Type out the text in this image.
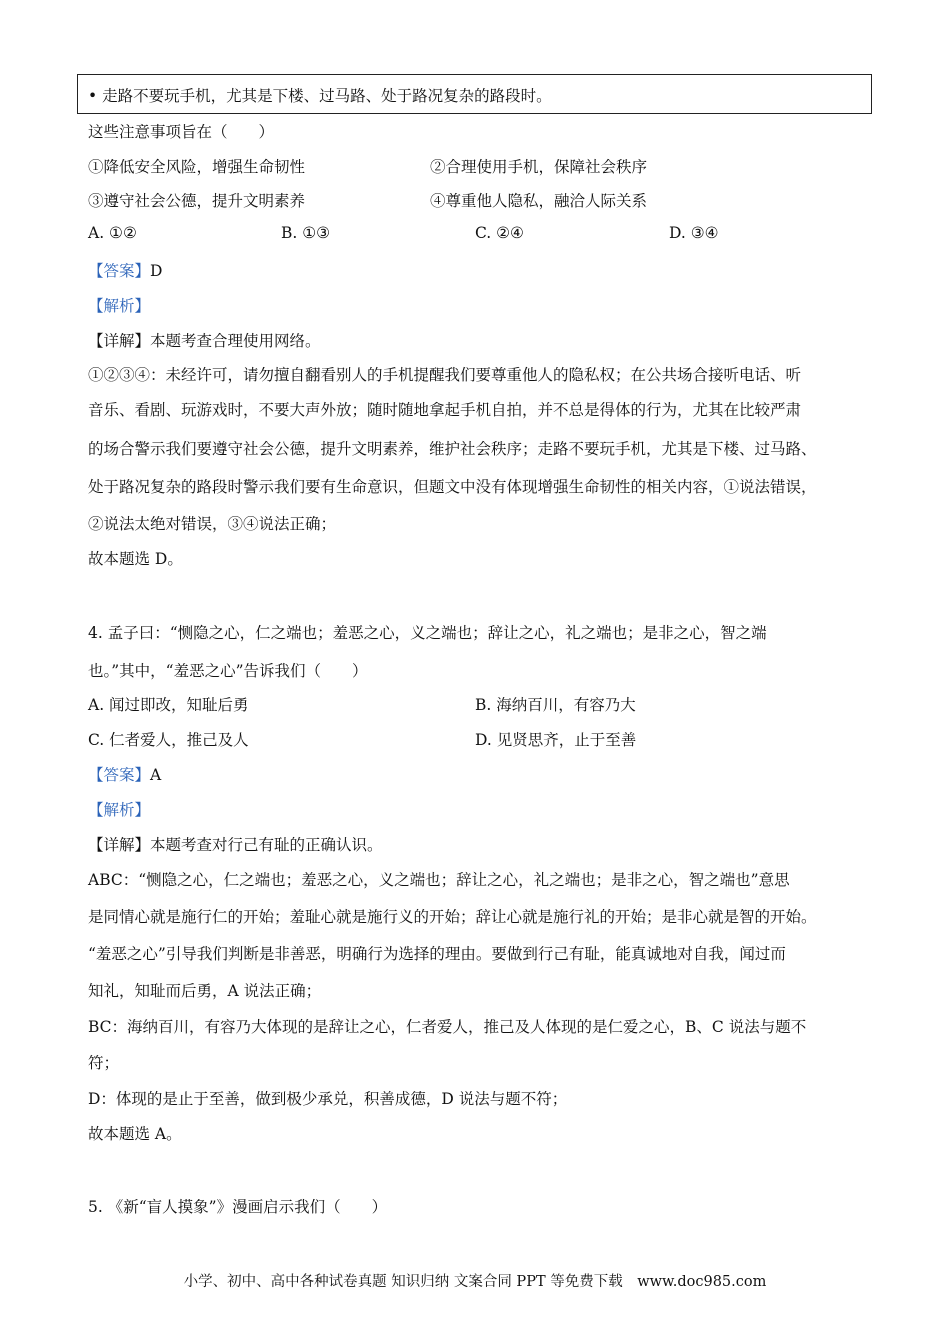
• 走路不要玩手机，尤其是下楼、过马路、处于路况复杂的路段时。
这些注意事项旨在（　　）
①降低安全风险，增强生命韧性	②合理使用手机，保障社会秩序
③遵守社会公德，提升文明素养	④尊重他人隐私，融洽人际关系
A. ①②	B. ①③	C. ②④	D. ③④
【答案】D
【解析】
【详解】本题考查合理使用网络。
①②③④：未经许可，请勿擅自翻看别人的手机提醒我们要尊重他人的隐私权；在公共场合接听电话、听
音乐、看剧、玩游戏时，不要大声外放；随时随地拿起手机自拍，并不总是得体的行为，尤其在比较严肃
的场合警示我们要遵守社会公德，提升文明素养，维护社会秩序；走路不要玩手机，尤其是下楼、过马路、
处于路况复杂的路段时警示我们要有生命意识，但题文中没有体现增强生命韧性的相关内容，①说法错误，
②说法太绝对错误，③④说法正确；
故本题选 D。
4. 孟子曰：“恻隐之心，仁之端也；羞恶之心，义之端也；辞让之心，礼之端也；是非之心，智之端
也。”其中，“羞恶之心”告诉我们（　　）
A. 闻过即改，知耻后勇	B. 海纳百川，有容乃大
C. 仁者爱人，推己及人	D. 见贤思齐，止于至善
【答案】A
【解析】
【详解】本题考查对行己有耻的正确认识。
ABC：“恻隐之心，仁之端也；羞恶之心，义之端也；辞让之心，礼之端也；是非之心，智之端也”意思
是同情心就是施行仁的开始；羞耻心就是施行义的开始；辞让心就是施行礼的开始；是非心就是智的开始。
“羞恶之心”引导我们判断是非善恶，明确行为选择的理由。要做到行己有耻，能真诚地对自我，闻过而
知礼，知耻而后勇，A 说法正确；
BC：海纳百川，有容乃大体现的是辞让之心，仁者爱人，推己及人体现的是仁爱之心，B、C 说法与题不
符；
D：体现的是止于至善，做到极少承兑，积善成德，D 说法与题不符；
故本题选 A。
5. 《新“盲人摸象”》漫画启示我们（　　）
小学、初中、高中各种试卷真题 知识归纳 文案合同 PPT 等免费下载　www.doc985.com
